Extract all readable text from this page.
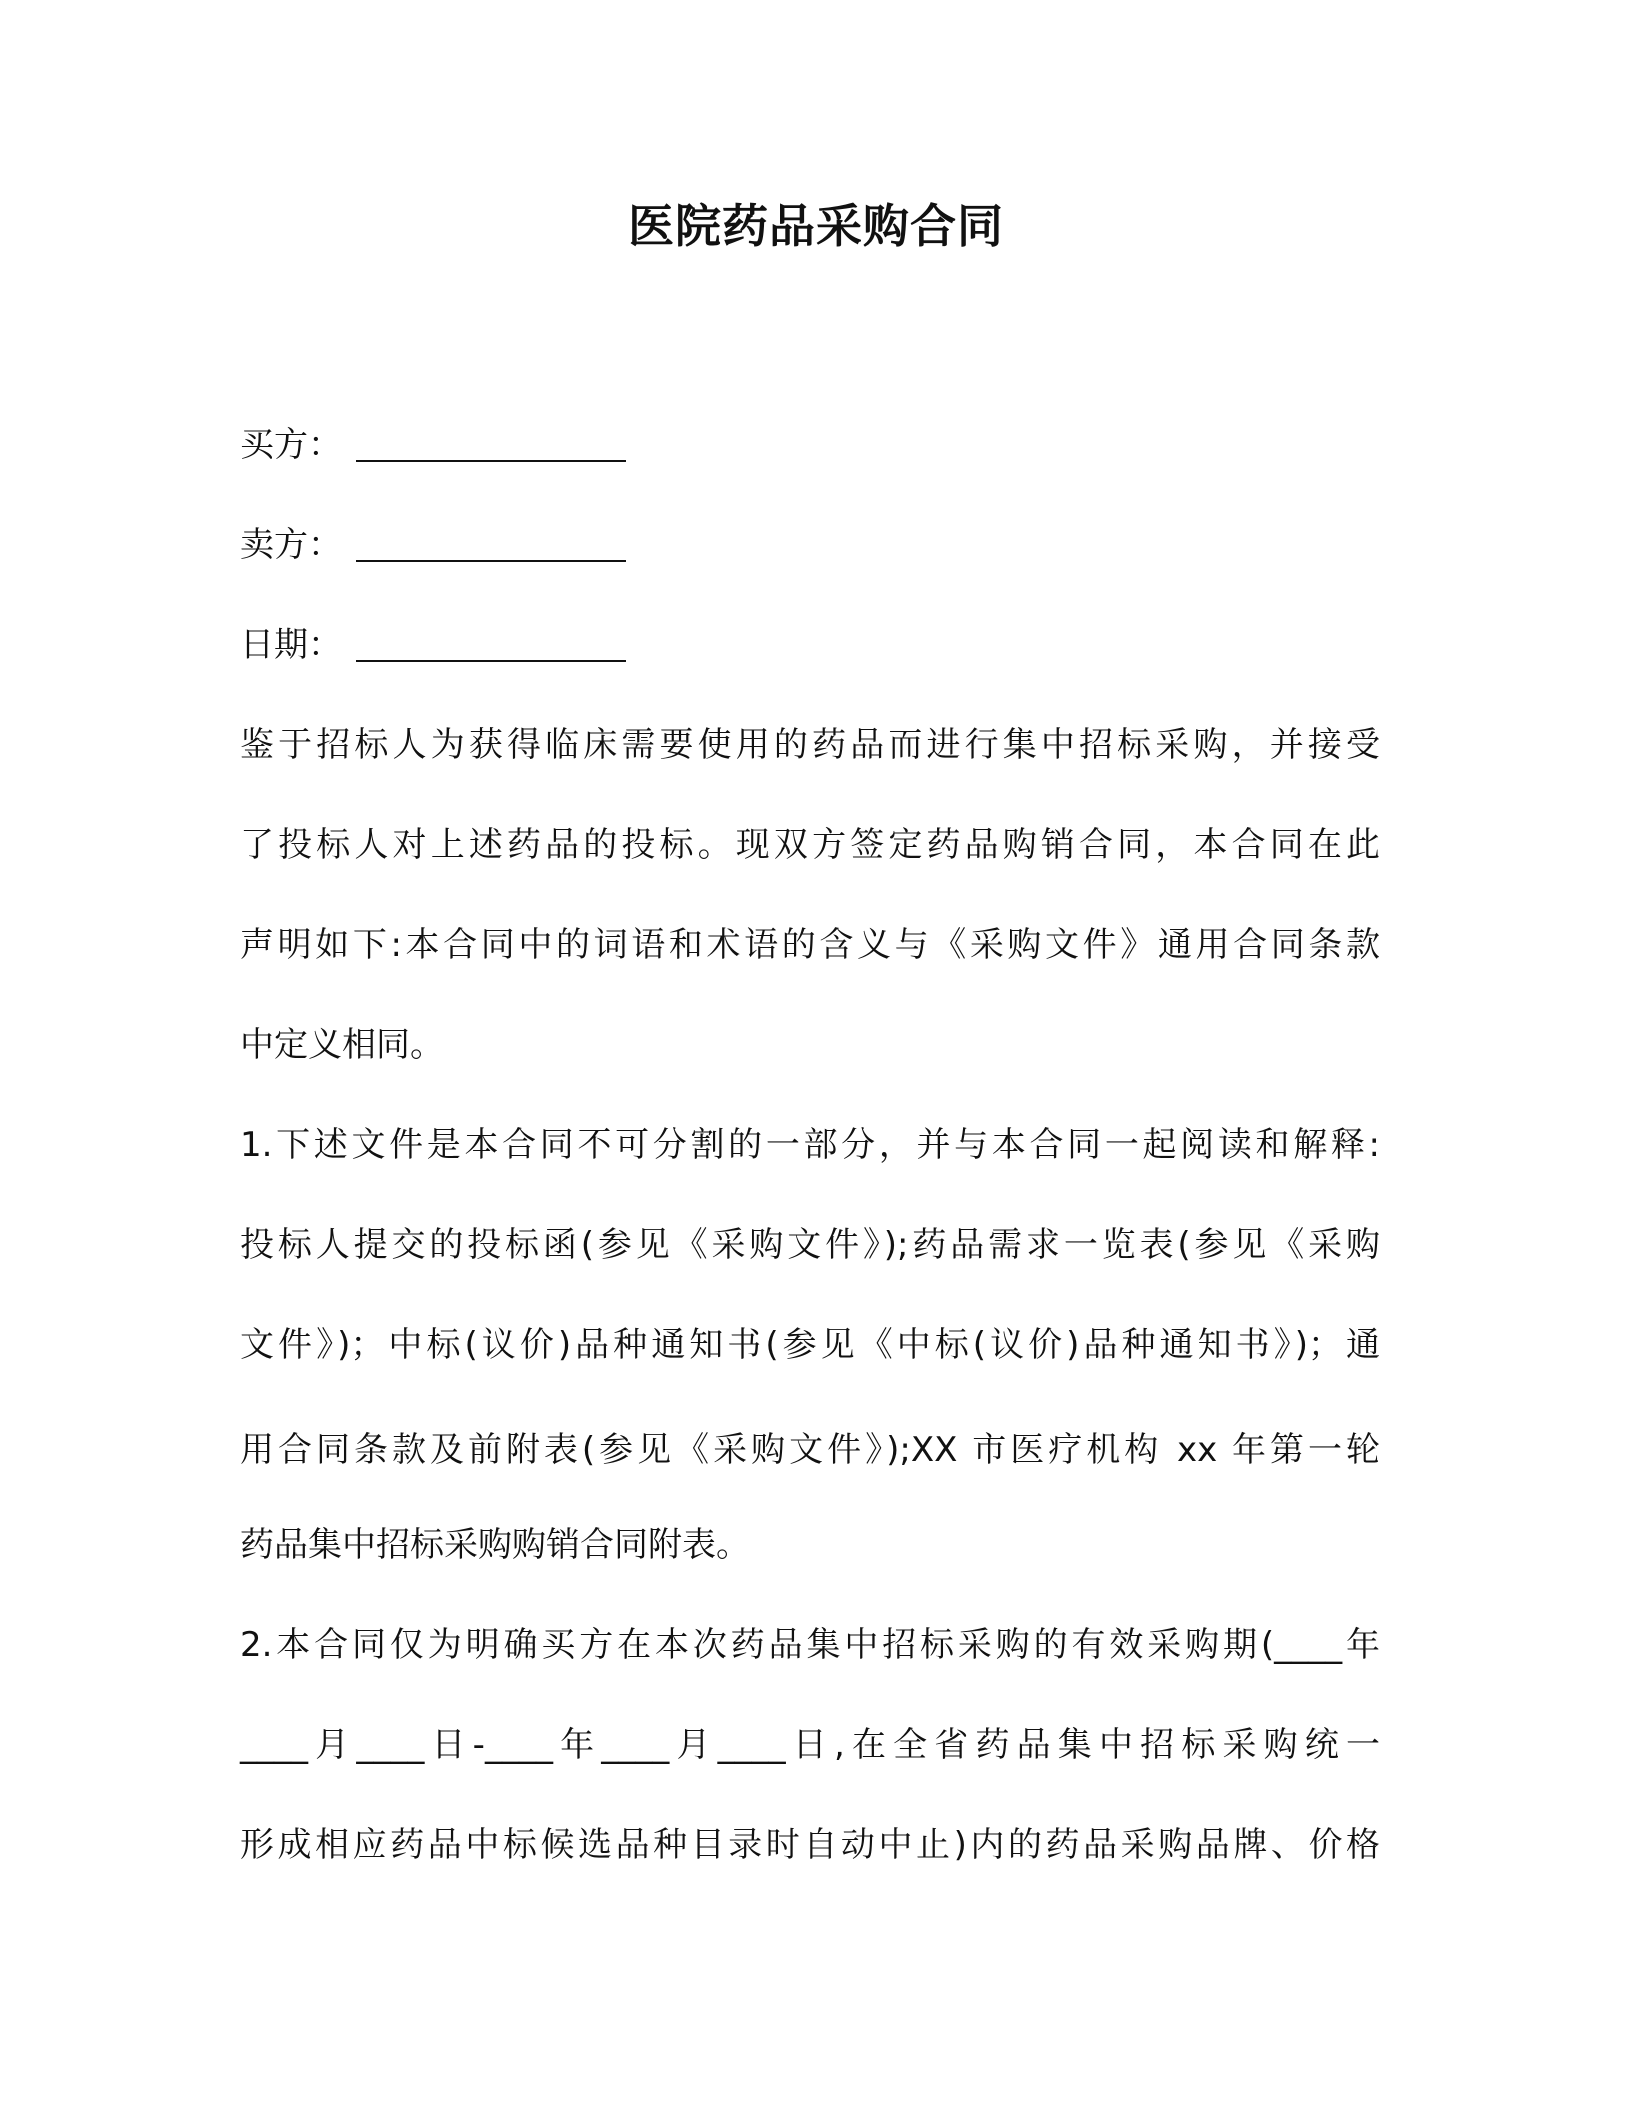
医院药品采购合同
买方：
卖方：
日期：
鉴于招标人为获得临床需要使用的药品而进行集中招标采购，并接受
了投标人对上述药品的投标。现双方签定药品购销合同，本合同在此
声明如下:本合同中的词语和术语的含义与《采购文件》通用合同条款
中定义相同。
1.下述文件是本合同不可分割的一部分，并与本合同一起阅读和解释:
投标人提交的投标函(参见《采购文件》);药品需求一览表(参见《采购
文件》)；中标(议价)品种通知书(参见《中标(议价)品种通知书》)；通
用合同条款及前附表(参见《采购文件》);XX 市医疗机构 xx 年第一轮
药品集中招标采购购销合同附表。
2.本合同仅为明确买方在本次药品集中招标采购的有效采购期(____年
____月____日-____年____月____日,在全省药品集中招标采购统一
形成相应药品中标候选品种目录时自动中止)内的药品采购品牌、价格
